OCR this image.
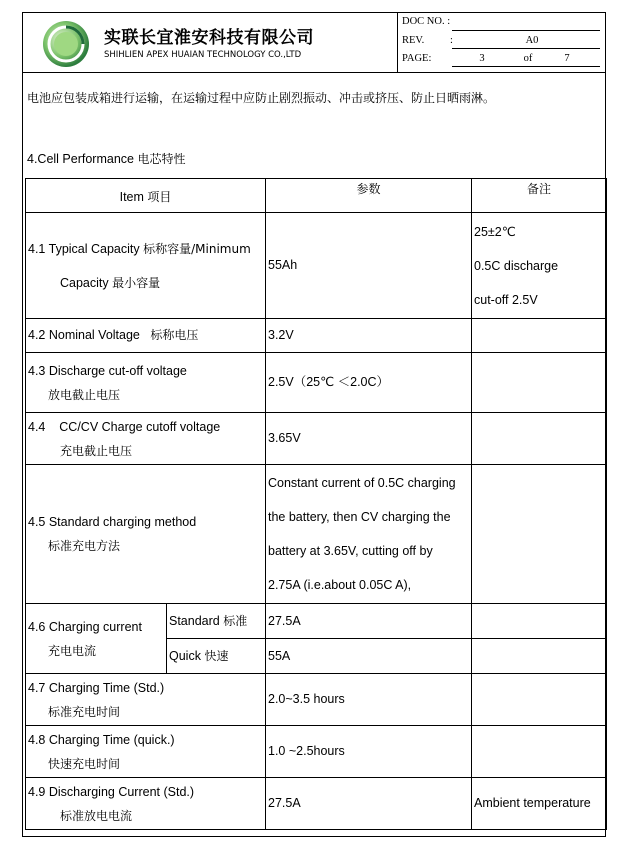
实联长宜淮安科技有限公司
SHIHLIEN APEX HUAIAN TECHNOLOGY CO.,LTD
DOC NO. :
REV. :	A0
PAGE:	3	of	7
电池应包装成箱进行运输，在运输过程中应防止剧烈振动、冲击或挤压、防止日晒雨淋。
4.Cell Performance 电芯特性
Item 项目		参数	备注

4.1 Typical Capacity 标称容量/Minimum
Capacity 最小容量		55Ah	25±2℃
0.5C discharge
cut-off 2.5V

4.2 Nominal Voltage 标称电压		3.2V	

4.3 Discharge cut-off voltage
放电截止电压		2.5V（25℃ ＜2.0C）	

4.4    CC/CV Charge cutoff voltage
充电截止电压		3.65V	

4.5 Standard charging method
标准充电方法		Constant current of 0.5C charging
the battery, then CV charging the
battery at 3.65V, cutting off by
2.75A (i.e.about 0.05C A),	

4.6 Charging current
充电电流	Standard 标准	27.5A	
	Quick 快速	55A	

4.7 Charging Time (Std.)
标准充电时间		2.0~3.5 hours	

4.8 Charging Time (quick.)
快速充电时间		1.0 ~2.5hours	

4.9 Discharging Current (Std.)
标准放电电流		27.5A	Ambient temperature
